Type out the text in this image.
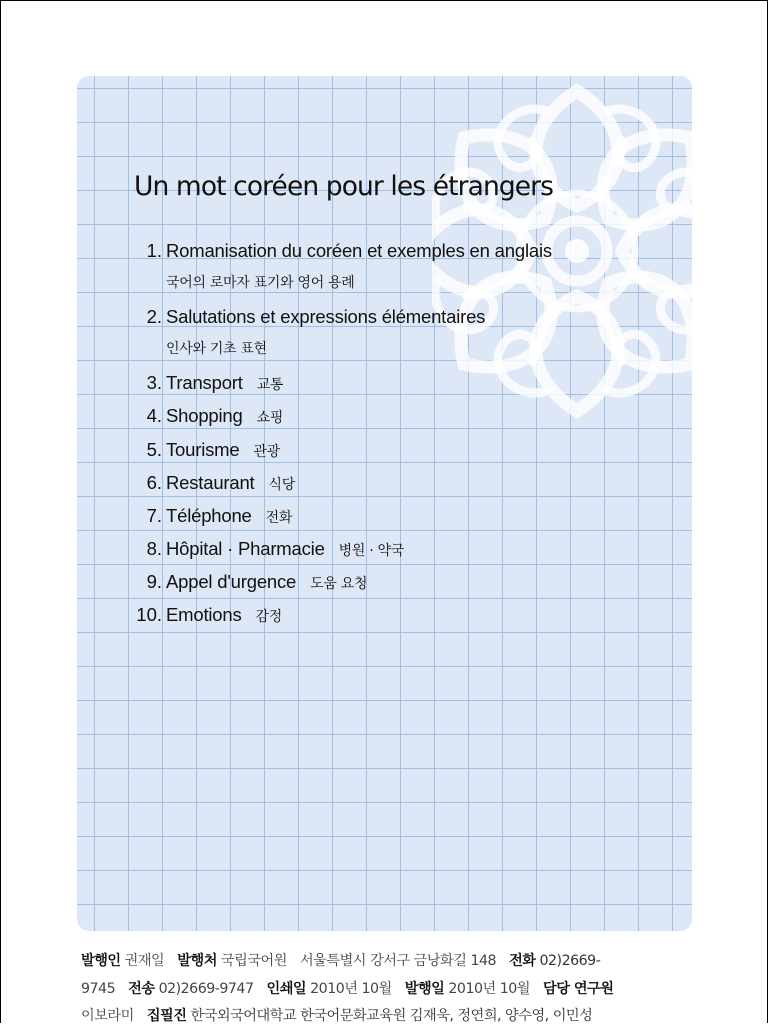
Un mot coréen pour les étrangers
1. Romanisation du coréen et exemples en anglais
국어의 로마자 표기와 영어 용례
2. Salutations et expressions élémentaires
인사와 기초 표현
3. Transport 교통
4. Shopping 쇼핑
5. Tourisme 관광
6. Restaurant 식당
7. Téléphone 전화
8. Hôpital · Pharmacie 병원 · 약국
9. Appel d'urgence 도움 요청
10. Emotions 감정
발행인 권재일 발행처 국립국어원 서울특별시 강서구 금낭화길 148 전화 02)2669-
9745 전송 02)2669-9747 인쇄일 2010년 10월 발행일 2010년 10월 담당 연구원
이보라미 집필진 한국외국어대학교 한국어문화교육원 김재욱, 정연희, 양수영, 이민성
